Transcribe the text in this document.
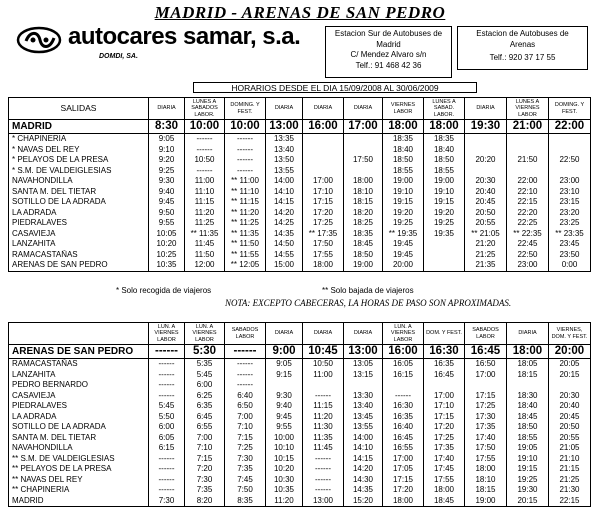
MADRID - ARENAS DE SAN PEDRO
autocares samar, s.a.
DOMDI, SA.
Estacion Sur de Autobuses de
Madrid
C/ Mendez Alvaro s/n
Telf.: 91 468 42 36
Estacion de Autobuses de
Arenas
Telf.: 920 37 17 55
HORARIOS DESDE EL DIA 15/09/2008 AL 30/06/2009
SALIDAS	DIARIA	LUNES A SABADOS LABOR.	DOMING. Y FEST.	DIARIA	DIARIA	DIARIA	VIERNES LABOR	LUNES A SABAD. LABOR.	DIARIA	LUNES A VIERNES LABOR	DOMING. Y FEST.
MADRID	8:30	10:00	10:00	13:00	16:00	17:00	18:00	18:00	19:30	21:00	22:00
* CHAPINERIA	9:05	------	------	13:35			18:35	18:35			
* NAVAS DEL REY	9:10	------	------	13:40			18:40	18:40			
* PELAYOS DE LA PRESA	9:20	10:50	------	13:50		17:50	18:50	18:50	20:20	21:50	22:50
* S.M. DE VALDEIGLESIAS	9:25	------	------	13:55			18:55	18:55			
NAVAHONDILLA	9:30	11:00	** 11:00	14:00	17:00	18:00	19:00	19:00	20:30	22:00	23:00
SANTA M. DEL TIETAR	9:40	11:10	** 11:10	14:10	17:10	18:10	19:10	19:10	20:40	22:10	23:10
SOTILLO DE LA ADRADA	9:45	11:15	** 11:15	14:15	17:15	18:15	19:15	19:15	20:45	22:15	23:15
LA ADRADA	9:50	11:20	** 11:20	14:20	17:20	18:20	19:20	19:20	20:50	22:20	23:20
PIEDRALAVES	9:55	11:25	** 11:25	14:25	17:25	18:25	19:25	19:25	20:55	22:25	23:25
CASAVIEJA	10:05	** 11:35	** 11:35	14:35	** 17:35	18:35	** 19:35	19:35	** 21:05	** 22:35	** 23:35
LANZAHITA	10:20	11:45	** 11:50	14:50	17:50	18:45	19:45		21:20	22:45	23:45
RAMACASTAÑAS	10:25	11:50	** 11:55	14:55	17:55	18:50	19:45		21:25	22:50	23:50
ARENAS DE SAN PEDRO	10:35	12:00	** 12:05	15:00	18:00	19:00	20:00		21:35	23:00	0:00
* Solo recogida de viajeros	** Solo bajada de viajeros
NOTA: EXCEPTO CABECERAS, LA HORAS DE PASO SON APROXIMADAS.
	LUN. A VIERNES LABOR	LUN. A VIERNES LABOR	SABADOS LABOR	DIARIA	DIARIA	DIARIA	LUN. A VIERNES LABOR	DOM. Y FEST.	SABADOS LABOR	DIARIA	VIERNES, DOM. Y FEST.
ARENAS DE SAN PEDRO	------	5:30	------	9:00	10:45	13:00	16:00	16:30	16:45	18:00	20:00
RAMACASTAÑAS	------	5:35	------	9:05	10:50	13:05	16:05	16:35	16:50	18:05	20:05
LANZAHITA	------	5:45	------	9:15	11:00	13:15	16:15	16:45	17:00	18:15	20:15
PEDRO BERNARDO	------	6:00	------								
CASAVIEJA	------	6:25	6:40	9:30	------	13:30	------	17:00	17:15	18:30	20:30
PIEDRALAVES	5:45	6:35	6:50	9:40	11:15	13:40	16:30	17:10	17:25	18:40	20:40
LA ADRADA	5:50	6:45	7:00	9:45	11:20	13:45	16:35	17:15	17:30	18:45	20:45
SOTILLO DE LA ADRADA	6:00	6:55	7:10	9:55	11:30	13:55	16:40	17:20	17:35	18:50	20:50
SANTA M. DEL TIETAR	6:05	7:00	7:15	10:00	11:35	14:00	16:45	17:25	17:40	18:55	20:55
NAVAHONDILLA	6:15	7:10	7:25	10:10	11:45	14:10	16:55	17:35	17:50	19:05	21:05
** S.M. DE VALDEIGLESIAS	------	7:15	7:30	10:15	------	14:15	17:00	17:40	17:55	19:10	21:10
** PELAYOS DE LA PRESA	------	7:20	7:35	10:20	------	14:20	17:05	17:45	18:00	19:15	21:15
** NAVAS DEL REY	------	7:30	7:45	10:30	------	14:30	17:15	17:55	18:10	19:25	21:25
** CHAPINERIA	------	7:35	7:50	10:35	------	14:35	17:20	18:00	18:15	19:30	21:30
MADRID	7:30	8:20	8:35	11:20	13:00	15:20	18:00	18:45	19:00	20:15	22:15
